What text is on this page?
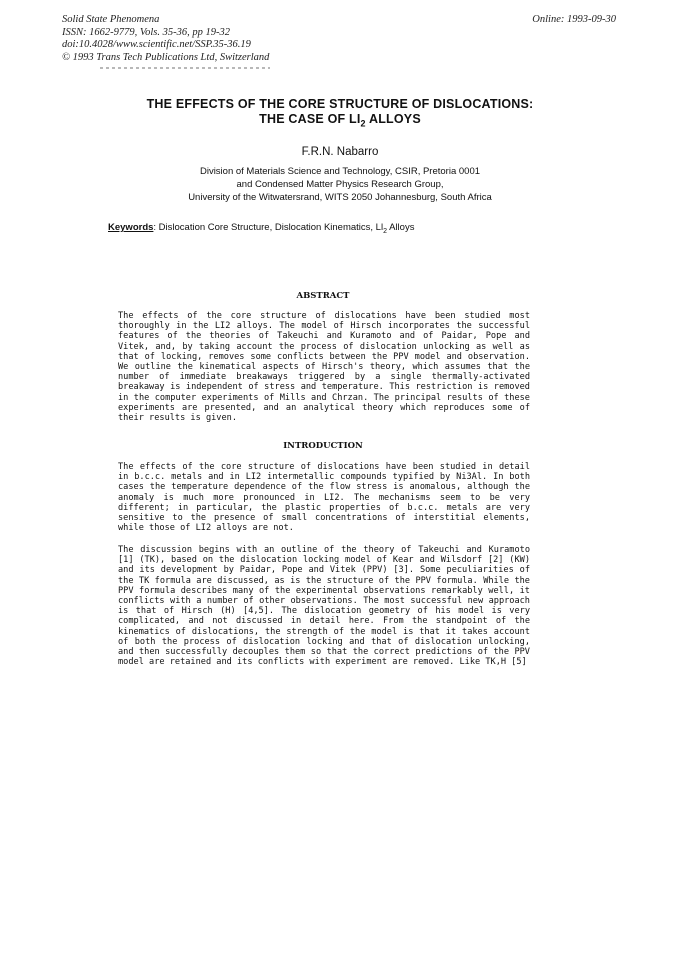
Solid State Phenomena
ISSN: 1662-9779, Vols. 35-36, pp 19-32
doi:10.4028/www.scientific.net/SSP.35-36.19
© 1993 Trans Tech Publications Ltd, Switzerland
Online: 1993-09-30
THE EFFECTS OF THE CORE STRUCTURE OF DISLOCATIONS:
THE CASE OF $LI_2$ ALLOYS
F.R.N. Nabarro
Division of Materials Science and Technology, CSIR, Pretoria 0001
and Condensed Matter Physics Research Group,
University of the Witwatersrand, WITS 2050 Johannesburg, South Africa
Keywords: Dislocation Core Structure, Dislocation Kinematics, $Ll_2$ Alloys
ABSTRACT

The effects of the core structure of dislocations have been studied most thoroughly in the LI2 alloys. The model of Hirsch incorporates the successful features of the theories of Takeuchi and Kuramoto and of Paidar, Pope and Vitek, and, by taking account the process of dislocation unlocking as well as that of locking, removes some conflicts between the PPV model and observation. We outline the kinematical aspects of Hirsch's theory, which assumes that the number of immediate breakaways triggered by a single thermally-activated breakaway is independent of stress and temperature. This restriction is removed in the computer experiments of Mills and Chrzan. The principal results of these experiments are presented, and an analytical theory which reproduces some of their results is given.

INTRODUCTION

The effects of the core structure of dislocations have been studied in detail in b.c.c. metals and in LI2 intermetallic compounds typified by Ni3Al. In both cases the temperature dependence of the flow stress is anomalous, although the anomaly is much more pronounced in LI2. The mechanisms seem to be very different; in particular, the plastic properties of b.c.c. metals are very sensitive to the presence of small concentrations of interstitial elements, while those of LI2 alloys are not.

The discussion begins with an outline of the theory of Takeuchi and Kuramoto [1] (TK), based on the dislocation locking model of Kear and Wilsdorf [2] (KW) and its development by Paidar, Pope and Vitek (PPV) [3]. Some peculiarities of the TK formula are discussed, as is the structure of the PPV formula. While the PPV formula describes many of the experimental observations remarkably well, it conflicts with a number of other observations. The most successful new approach is that of Hirsch (H) [4,5]. The dislocation geometry of his model is very complicated, and not discussed in detail here. From the standpoint of the kinematics of dislocations, the strength of the model is that it takes account of both the process of dislocation locking and that of dislocation unlocking, and then successfully decouples them so that the correct predictions of the PPV model are retained and its conflicts with experiment are removed. Like TK,H [5]
